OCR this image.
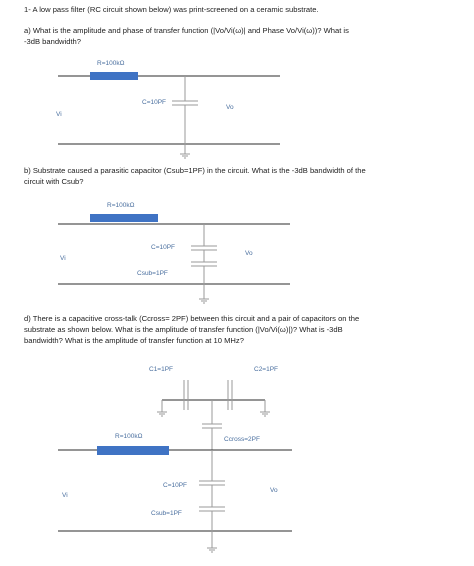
1- A low pass filter (RC circuit shown below) was print-screened on a ceramic substrate.
a) What is the amplitude and phase of transfer function (|Vo/Vi(ω)| and Phase Vo/Vi(ω))? What is
-3dB bandwidth?
b) Substrate caused a parasitic capacitor (Csub=1PF) in the circuit. What is the -3dB bandwidth of the
circuit with Csub?
d) There is a capacitive cross-talk (Ccross= 2PF) between this circuit and a pair of capacitors on the
substrate as shown below. What is the amplitude of transfer function (|Vo/Vi(ω)|)? What is -3dB
bandwidth? What is the amplitude of transfer function at 10 MHz?
R=100kΩ
C=10PF
Vi
Vo
R=100kΩ
C=10PF
Csub=1PF
Vi
Vo
C1=1PF	C2=1PF
R=100kΩ	Ccross=2PF
C=10PF
Csub=1PF
Vi
Vo
